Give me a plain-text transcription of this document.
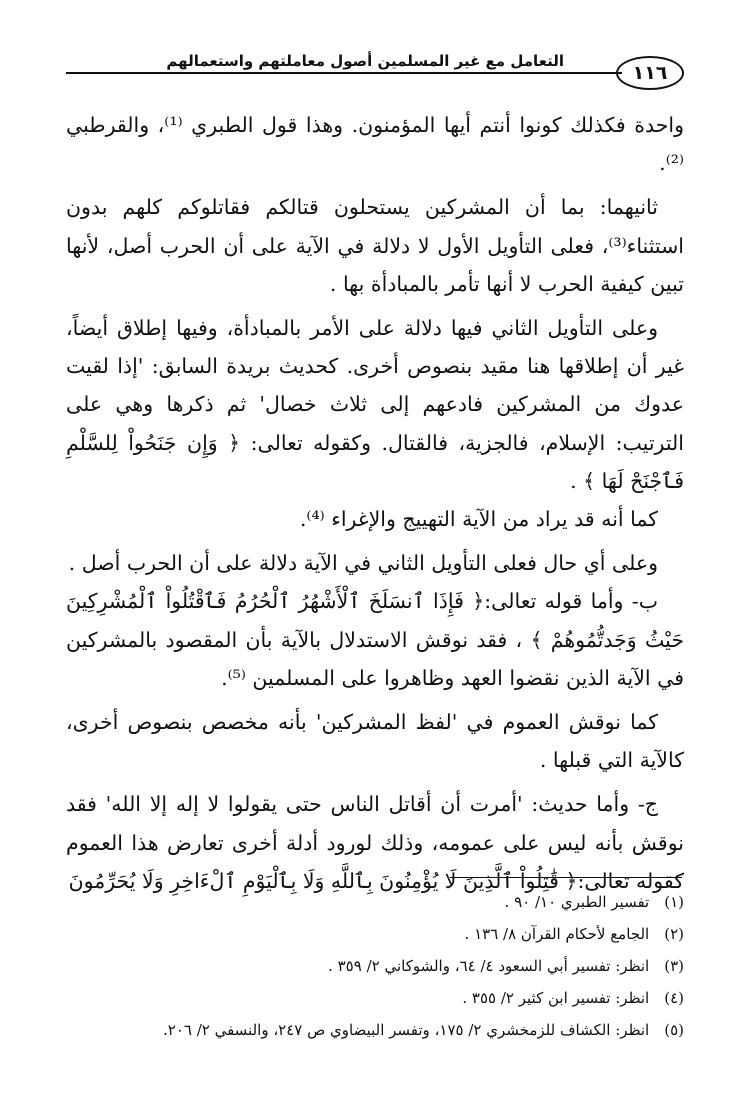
التعامل مع غير المسلمين أصول معاملتهم واستعمالهم
١١٦

واحدة فكذلك كونوا أنتم أيها المؤمنون. وهذا قول الطبري ⁽¹⁾، والقرطبي ⁽²⁾.

ثانيهما: بما أن المشركين يستحلون قتالكم فقاتلوكم كلهم بدون استثناء⁽³⁾، فعلى التأويل الأول لا دلالة في الآية على أن الحرب أصل، لأنها تبين كيفية الحرب لا أنها تأمر بالمبادأة بها .

وعلى التأويل الثاني فيها دلالة على الأمر بالمبادأة، وفيها إطلاق أيضاً، غير أن إطلاقها هنا مقيد بنصوص أخرى. كحديث بريدة السابق: 'إذا لقيت عدوك من المشركين فادعهم إلى ثلاث خصال' ثم ذكرها وهي على الترتيب: الإسلام، فالجزية، فالقتال. وكقوله تعالى: ﴿ وَإِن جَنَحُواْ لِلسَّلْمِ فَٱجْنَحْ لَهَا ﴾ .

كما أنه قد يراد من الآية التهييج والإغراء ⁽⁴⁾.

وعلى أي حال فعلى التأويل الثاني في الآية دلالة على أن الحرب أصل .

ب- وأما قوله تعالى:﴿ فَإِذَا ٱنسَلَخَ ٱلْأَشْهُرُ ٱلْحُرُمُ فَٱقْتُلُواْ ٱلْمُشْرِكِينَ حَيْثُ وَجَدتُّمُوهُمْ ﴾ ، فقد نوقش الاستدلال بالآية بأن المقصود بالمشركين في الآية الذين نقضوا العهد وظاهروا على المسلمين ⁽⁵⁾.

كما نوقش العموم في 'لفظ المشركين' بأنه مخصص بنصوص أخرى، كالآية التي قبلها .

ج- وأما حديث: 'أمرت أن أقاتل الناس حتى يقولوا لا إله إلا الله' فقد نوقش بأنه ليس على عمومه، وذلك لورود أدلة أخرى تعارض هذا العموم كقوله تعالى:﴿ قَٰتِلُواْ ٱلَّذِينَ لَا يُؤْمِنُونَ بِٱللَّهِ وَلَا بِٱلْيَوْمِ ٱلْءَاخِرِ وَلَا يُحَرِّمُونَ

(١) تفسير الطبري ١٠/ ٩٠ .
(٢) الجامع لأحكام القرآن ٨/ ١٣٦ .
(٣) انظر: تفسير أبي السعود ٤/ ٦٤، والشوكاني ٢/ ٣٥٩ .
(٤) انظر: تفسير ابن كثير ٢/ ٣٥٥ .
(٥) انظر: الكشاف للزمخشري ٢/ ١٧٥، وتفسر البيضاوي ص ٢٤٧، والنسفي ٢/ ٢٠٦.
